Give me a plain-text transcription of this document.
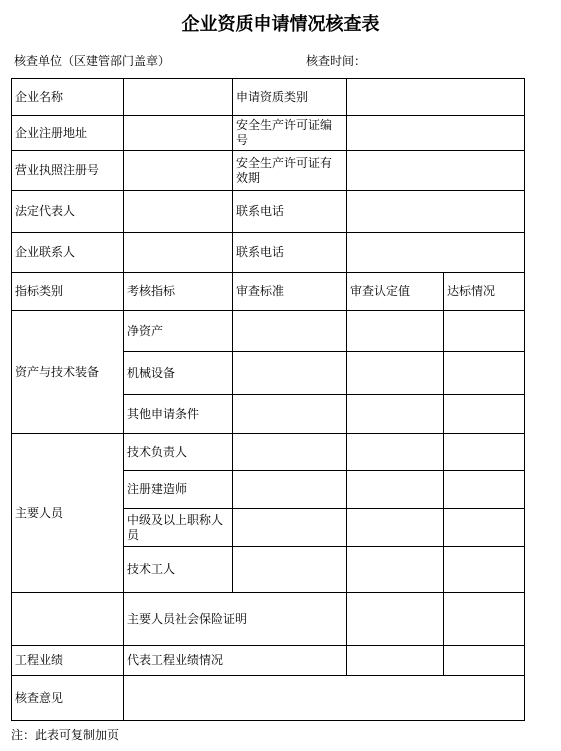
企业资质申请情况核查表
核查单位（区建管部门盖章）	核查时间：
企业名称		申请资质类别		
企业注册地址		安全生产许可证编号		
营业执照注册号		安全生产许可证有效期		
法定代表人		联系电话		
企业联系人		联系电话		
指标类别	考核指标	审查标准	审查认定值	达标情况
资产与技术装备	净资产			
	机械设备			
	其他申请条件			
主要人员	技术负责人			
	注册建造师			
	中级及以上职称人员			
	技术工人			
	主要人员社会保险证明			
工程业绩	代表工程业绩情况			
核查意见				
注：此表可复制加页
